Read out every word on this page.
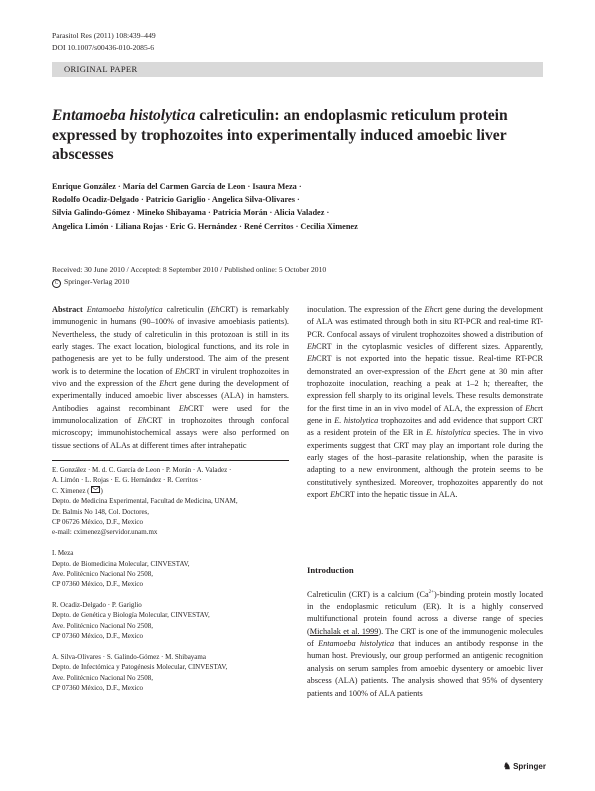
Parasitol Res (2011) 108:439–449
DOI 10.1007/s00436-010-2085-6
ORIGINAL PAPER
Entamoeba histolytica calreticulin: an endoplasmic reticulum protein expressed by trophozoites into experimentally induced amoebic liver abscesses
Enrique González · María del Carmen García de Leon · Isaura Meza ·
Rodolfo Ocadiz-Delgado · Patricio Gariglio · Angelica Silva-Olivares ·
Silvia Galindo-Gómez · Mineko Shibayama · Patricia Morán · Alicia Valadez ·
Angelica Limón · Liliana Rojas · Eric G. Hernández · René Cerritos · Cecilia Ximenez
Received: 30 June 2010 / Accepted: 8 September 2010 / Published online: 5 October 2010
C Springer-Verlag 2010
Abstract Entamoeba histolytica calreticulin (EhCRT) is remarkably immunogenic in humans (90–100% of invasive amoebiasis patients). Nevertheless, the study of calreticulin in this protozoan is still in its early stages. The exact location, biological functions, and its role in pathogenesis are yet to be fully understood. The aim of the present work is to determine the location of EhCRT in virulent trophozoites in vivo and the expression of the Ehcrt gene during the development of experimentally induced amoebic liver abscesses (ALA) in hamsters. Antibodies against recombinant EhCRT were used for the immunolocalization of EhCRT in trophozoites through confocal microscopy; immunohistochemical assays were also performed on tissue sections of ALAs at different times after intrahepatic
inoculation. The expression of the Ehcrt gene during the development of ALA was estimated through both in situ RT-PCR and real-time RT-PCR. Confocal assays of virulent trophozoites showed a distribution of EhCRT in the cytoplasmic vesicles of different sizes. Apparently, EhCRT is not exported into the hepatic tissue. Real-time RT-PCR demonstrated an over-expression of the Ehcrt gene at 30 min after trophozoite inoculation, reaching a peak at 1–2 h; thereafter, the expression fell sharply to its original levels. These results demonstrate for the first time in an in vivo model of ALA, the expression of Ehcrt gene in E. histolytica trophozoites and add evidence that support CRT as a resident protein of the ER in E. histolytica species. The in vivo experiments suggest that CRT may play an important role during the early stages of the host–parasite relationship, when the parasite is adapting to a new environment, although the protein seems to be constitutively synthesized. Moreover, trophozoites apparently do not export EhCRT into the hepatic tissue in ALA.
E. González · M. d. C. García de Leon · P. Morán · A. Valadez ·
A. Limón · L. Rojas · E. G. Hernández · R. Cerritos ·
C. Ximenez ( )
Depto. de Medicina Experimental, Facultad de Medicina, UNAM,
Dr. Balmis No 148, Col. Doctores,
CP 06726 México, D.F., Mexico
e-mail: cximenez@servidor.unam.mx
I. Meza
Depto. de Biomedicina Molecular, CINVESTAV,
Ave. Politécnico Nacional No 2508,
CP 07360 México, D.F., Mexico
R. Ocadiz-Delgado · P. Gariglio
Depto. de Genética y Biología Molecular, CINVESTAV,
Ave. Politécnico Nacional No 2508,
CP 07360 México, D.F., Mexico
A. Silva-Olivares · S. Galindo-Gómez · M. Shibayama
Depto. de Infectómica y Patogénesis Molecular, CINVESTAV,
Ave. Politécnico Nacional No 2508,
CP 07360 México, D.F., Mexico
Introduction
Calreticulin (CRT) is a calcium $(Ca^{2+})$-binding protein mostly located in the endoplasmic reticulum (ER). It is a highly conserved multifunctional protein found across a diverse range of species (Michalak et al. 1999). The CRT is one of the immunogenic molecules of Entamoeba histolytica that induces an antibody response in the human host. Previously, our group performed an antigenic recognition analysis on serum samples from amoebic dysentery or amoebic liver abscess (ALA) patients. The analysis showed that 95% of dysentery patients and 100% of ALA patients
♞ Springer
